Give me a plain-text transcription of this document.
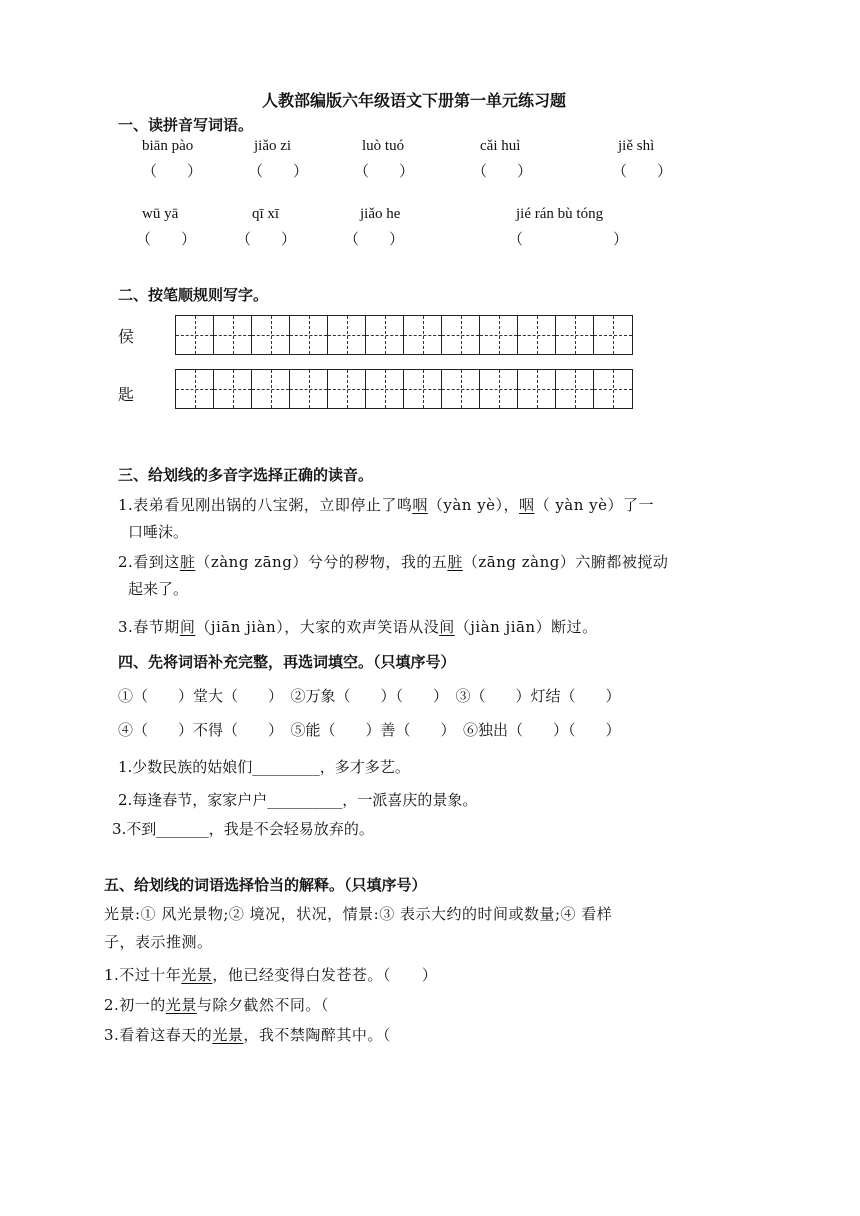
人教部编版六年级语文下册第一单元练习题
一、读拼音写词语。
biān pào
（　　）
jiǎo zi
（　　）
luò tuó
（　　）
cǎi huì
（　　）
jiě shì
（　　）
wū yā
（　　）
qī xī
（　　）
jiǎo he
（　　）
jié rán bù tóng
（　　　　　　）
二、按笔顺规则写字。
侯
匙
三、给划线的多音字选择正确的读音。
1.表弟看见刚出锅的八宝粥，立即停止了鸣咽（yàn yè），咽（ yàn yè）了一
口唾沫。
2.看到这脏（zàng zāng）兮兮的秽物，我的五脏（zāng zàng）六腑都被搅动
起来了。
3.春节期间（jiān jiàn），大家的欢声笑语从没间（jiàn jiān）断过。
四、先将词语补充完整，再选词填空。（只填序号）
①（　　）堂大（　　）　②万象（　　）（　　）　③（　　）灯结（　　）
④（　　）不得（　　）　⑤能（　　）善（　　）　⑥独出（　　）（　　）
1.少数民族的姑娘们_________，多才多艺。
2.每逢春节，家家户户__________，一派喜庆的景象。
3.不到_______，我是不会轻易放弃的。
五、给划线的词语选择恰当的解释。（只填序号）
光景:① 风光景物;② 境况，状况，情景:③ 表示大约的时间或数量;④ 看样
子，表示推测。
1.不过十年光景，他已经变得白发苍苍。（　　）
2.初一的光景与除夕截然不同。（
3.看着这春天的光景，我不禁陶醉其中。（
